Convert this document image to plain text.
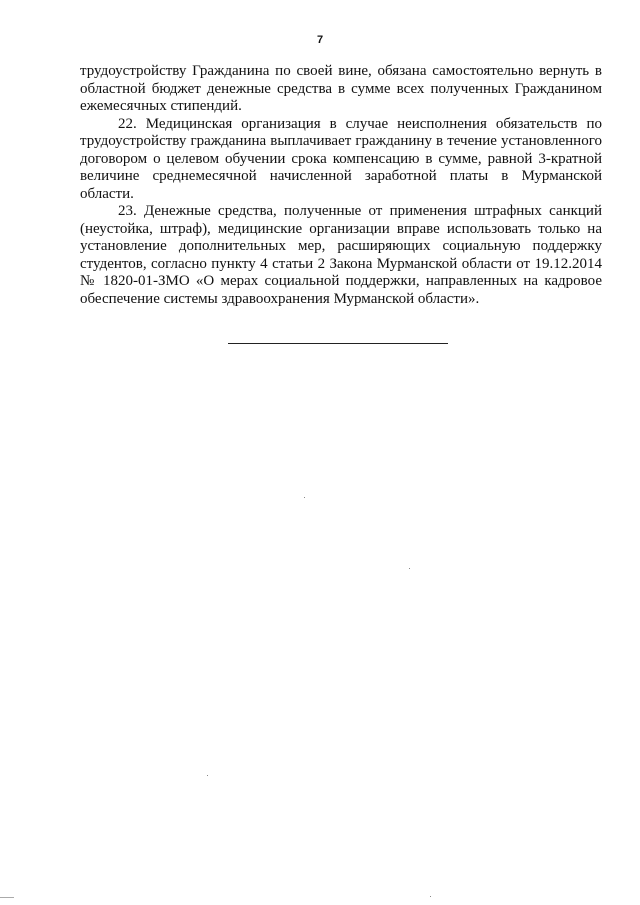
7

трудоустройству Гражданина по своей вине, обязана самостоятельно вернуть в областной бюджет денежные средства в сумме всех полученных Гражданином ежемесячных стипендий.

22. Медицинская организация в случае неисполнения обязательств по трудоустройству гражданина выплачивает гражданину в течение установленного договором о целевом обучении срока компенсацию в сумме, равной 3-кратной величине среднемесячной начисленной заработной платы в Мурманской области.

23. Денежные средства, полученные от применения штрафных санкций (неустойка, штраф), медицинские организации вправе использовать только на установление дополнительных мер, расширяющих социальную поддержку студентов, согласно пункту 4 статьи 2 Закона Мурманской области от 19.12.2014 № 1820-01-ЗМО «О мерах социальной поддержки, направленных на кадровое обеспечение системы здравоохранения Мурманской области».
